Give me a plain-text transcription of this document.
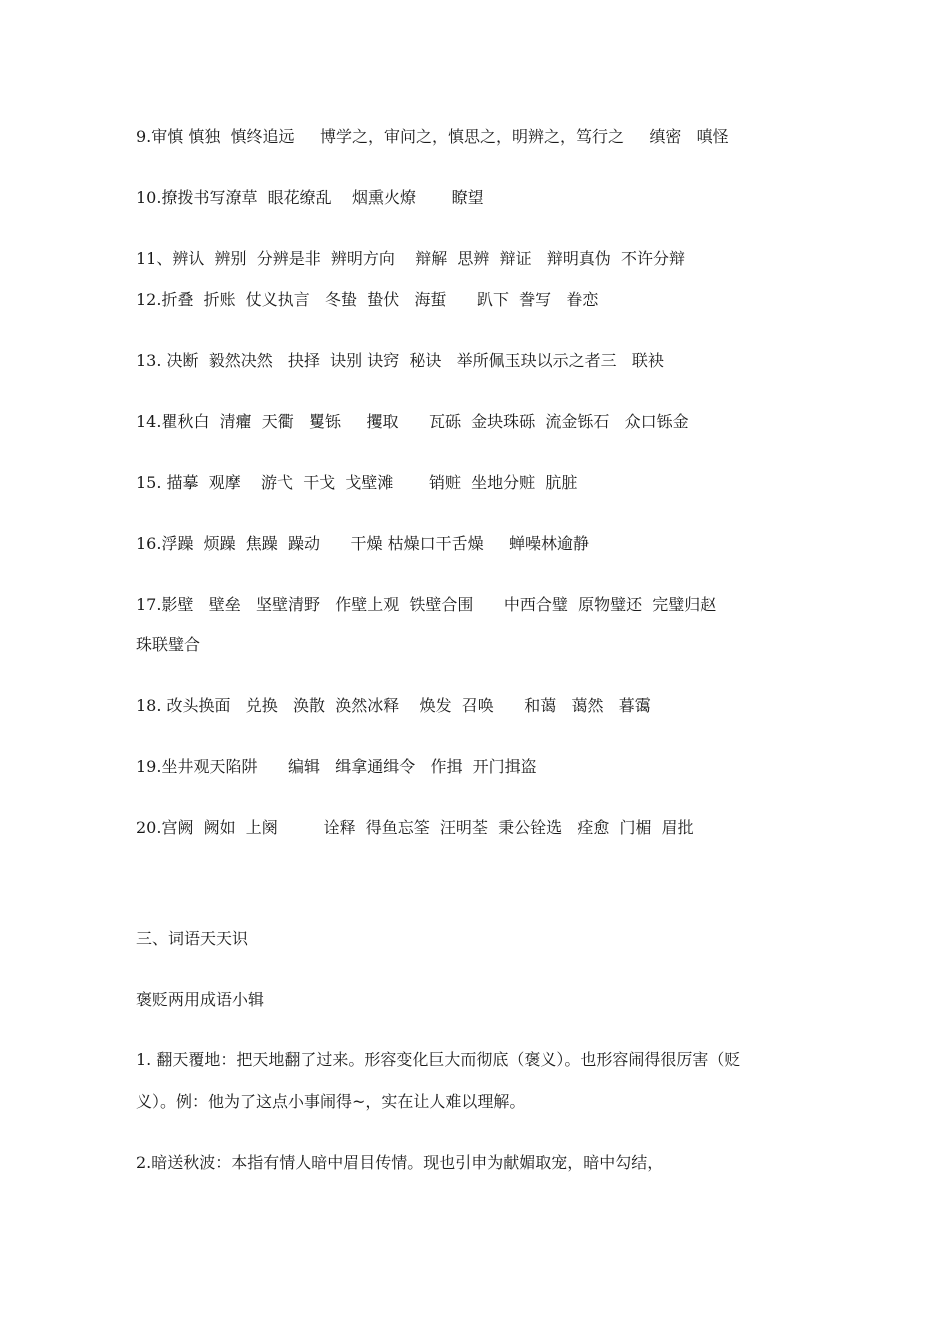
9.审慎 慎独  慎终追远     博学之，审问之，慎思之，明辨之，笃行之     缜密   嗔怪
10.撩拨书写潦草  眼花缭乱    烟熏火燎       瞭望
11、辨认  辨别  分辨是非  辨明方向    辩解  思辨  辩证   辩明真伪  不许分辩
12.折叠  折账  仗义执言   冬蛰  蛰伏   海蜇      趴下  誊写   眷恋
13. 决断  毅然决然   抉择  诀别 诀窍  秘诀   举所佩玉玦以示之者三   联袂
14.瞿秋白  清癯  天衢   矍铄     攫取      瓦砾  金块珠砾  流金铄石   众口铄金
15. 描摹  观摩    游弋  干戈  戈壁滩       销赃  坐地分赃  肮脏
16.浮躁  烦躁  焦躁  躁动      干燥 枯燥口干舌燥     蝉噪林逾静
17.影壁   壁垒   坚壁清野   作壁上观  铁壁合围      中西合璧  原物璧还  完璧归赵
珠联璧合
18. 改头换面   兑换   涣散  涣然冰释    焕发  召唤      和蔼   蔼然   暮霭
19.坐井观天陷阱      编辑   缉拿通缉令   作揖  开门揖盗
20.宫阙  阙如  上阕         诠释  得鱼忘筌  汪明荃  秉公铨选   痊愈  门楣  眉批
三、词语天天识
褒贬两用成语小辑
1. 翻天覆地：把天地翻了过来。形容变化巨大而彻底（褒义）。也形容闹得很厉害（贬
义）。例：他为了这点小事闹得~，实在让人难以理解。
2.暗送秋波：本指有情人暗中眉目传情。现也引申为献媚取宠，暗中勾结，
